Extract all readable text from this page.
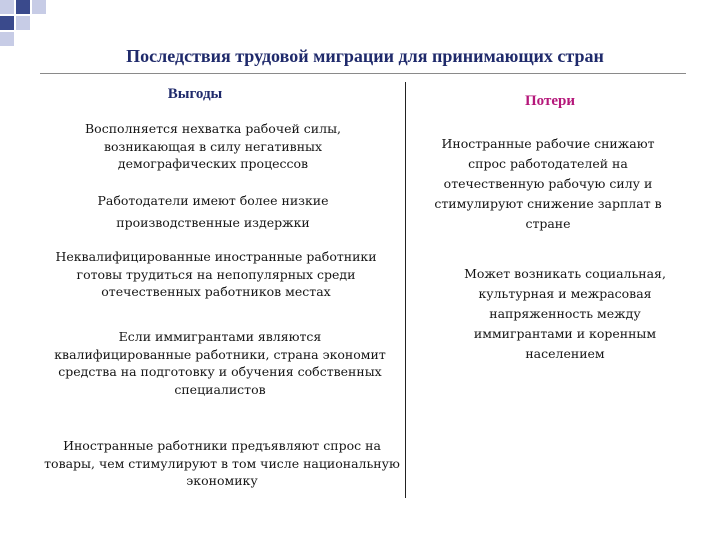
Последствия трудовой миграции для принимающих стран
Выгоды	Потери
Восполняется нехватка рабочей силы, возникающая в силу негативных демографических процессов
Работодатели имеют более низкие производственные издержки
Неквалифицированные иностранные работники готовы трудиться на непопулярных среди отечественных работников местах
Если иммигрантами являются квалифицированные работники, страна экономит средства на подготовку и обучения собственных специалистов
Иностранные работники предъявляют спрос на товары, чем стимулируют в том числе национальную экономику
Иностранные рабочие снижают спрос работодателей на отечественную рабочую силу и стимулируют снижение зарплат в стране
Может возникать социальная, культурная и межрасовая напряженность между иммигрантами и коренным населением
